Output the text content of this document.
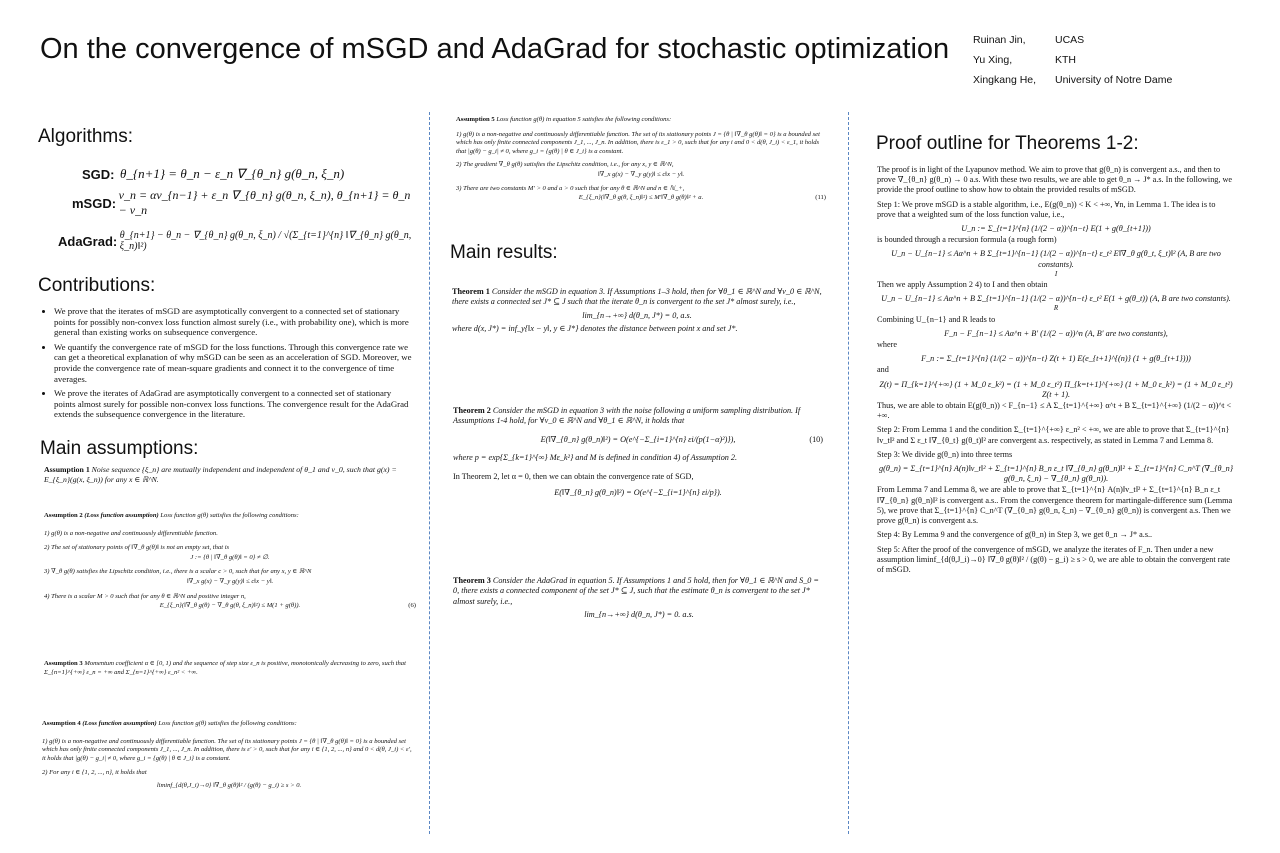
On the convergence of mSGD and AdaGrad for stochastic optimization Ruinan Jin,	UCAS
Yu Xing,	KTH
Xingkang He,	University of Notre Dame
Algorithms:
SGD: θ_{n+1} = θ_n − ε_n ∇_{θ_n} g(θ_n, ξ_n)
mSGD:
v_n = αv_{n−1} + ε_n ∇_{θ_n} g(θ_n, ξ_n), θ_{n+1} = θ_n − v_n
AdaGrad: θ_{n+1} − θ_n − ∇_{θ_n} g(θ_n, ξ_n) / √(Σ_{t=1}^{n} ‖∇_{θ_n} g(θ_n, ξ_n)‖²)
Contributions:
• We prove that the iterates of mSGD are asymptotically convergent to a connected set of stationary points for possibly non-convex loss function almost surely (i.e., with probability one), which is more general than existing works on subsequence convergence.
• We quantify the convergence rate of mSGD for the loss functions. Through this convergence rate we can get a theoretical explanation of why mSGD can be seen as an acceleration of SGD. Moreover, we provide the convergence rate of mean-square gradients and connect it to the convergence of time averages.
• We prove the iterates of AdaGrad are asymptotically convergent to a connected set of stationary points almost surely for possible non-convex loss functions. The convergence result for the AdaGrad extends the subsequence convergence in the literature.
Main assumptions:
Assumption 1 Noise sequence {ξ_n} are mutually independent and independent of θ_1 and v_0, such that g(x) = E_{ξ_n}(g(x, ξ_n)) for any x ∈ ℝ^N.
Assumption 2 (Loss function assumption) Loss function g(θ) satisfies the following conditions:
1) g(θ) is a non-negative and continuously differentiable function.
2) The set of stationary points of ‖∇_θ g(θ)‖ is not an empty set, that is
J := {θ | ‖∇_θ g(θ)‖ = 0} ≠ ∅.
3) ∇_θ g(θ) satisfies the Lipschitz condition, i.e., there is a scalar c > 0, such that for any x, y ∈ ℝ^N
‖∇_x g(x) − ∇_y g(y)‖ ≤ c‖x − y‖.
4) There is a scalar M > 0 such that for any θ ∈ ℝ^N and positive integer n,
E_{ξ_n}(‖∇_θ g(θ) − ∇_θ g(θ, ξ_n)‖²) ≤ M(1 + g(θ)).	(6)
Assumption 3 Momentum coefficient α ∈ [0, 1) and the sequence of step size ε_n is positive, monotonically decreasing to zero, such that Σ_{n=1}^{+∞} ε_n = +∞ and Σ_{n=1}^{+∞} ε_n² < +∞.
Assumption 4 (Loss function assumption) Loss function g(θ) satisfies the following conditions:
1) g(θ) is a non-negative and continuously differentiable function. The set of its stationary points J = {θ | ‖∇_θ g(θ)‖ = 0} is a bounded set which has only finite connected components J_1, ..., J_n. In addition, there is ε′ > 0, such that for any i ∈ {1, 2, ..., n} and 0 < d(θ, J_i) < ε′, it holds that |g(θ) − g_i| ≠ 0, where g_i = {g(θ) | θ ∈ J_i} is a constant.
2) For any i ∈ {1, 2, ..., n}, it holds that
liminf_{d(θ,J_i)→0} ‖∇_θ g(θ)‖² / (g(θ) − g_i) ≥ s > 0.
Assumption 5 Loss function g(θ) in equation 5 satisfies the following conditions:
1) g(θ) is a non-negative and continuously differentiable function. The set of its stationary points J = {θ | ‖∇_θ g(θ)‖ = 0} is a bounded set which has only finite connected components J_1, ..., J_n. In addition, there is ε_1 > 0, such that for any i and 0 < d(θ, J_i) < ε_1, it holds that |g(θ) − g_i| ≠ 0, where g_i = {g(θ) | θ ∈ J_i} is a constant.
2) The gradient ∇_θ g(θ) satisfies the Lipschitz condition, i.e., for any x, y ∈ ℝ^N,
‖∇_x g(x) − ∇_y g(y)‖ ≤ c‖x − y‖.
3) There are two constants M′ > 0 and a > 0 such that for any θ ∈ ℝ^N and n ∈ ℕ_+,
E_{ξ_n}(‖∇_θ g(θ, ξ_n)‖²) ≤ M′‖∇_θ g(θ)‖² + a.	(11)
Main results:
Theorem 1 Consider the mSGD in equation 3. If Assumptions 1–3 hold, then for ∀θ_1 ∈ ℝ^N and ∀v_0 ∈ ℝ^N, there exists a connected set J* ⊆ J such that the iterate θ_n is convergent to the set J* almost surely, i.e.,
lim_{n→+∞} d(θ_n, J*) = 0, a.s.
where d(x, J*) = inf_y{‖x − y‖, y ∈ J*} denotes the distance between point x and set J*.
Theorem 2 Consider the mSGD in equation 3 with the noise following a uniform sampling distribution. If Assumptions 1-4 hold, for ∀v_0 ∈ ℝ^N and ∀θ_1 ∈ ℝ^N, it holds that
E(‖∇_{θ_n} g(θ_n)‖²) = O(e^{−Σ_{i=1}^{n} εi/(p(1−α)²)}),	(10)
where p = exp{Σ_{k=1}^{∞} Mε_k²} and M is defined in condition 4) of Assumption 2.
In Theorem 2, let α = 0, then we can obtain the convergence rate of SGD,
E(‖∇_{θ_n} g(θ_n)‖²) = O(e^{−Σ_{i=1}^{n} εi/p}).
Theorem 3 Consider the AdaGrad in equation 5. If Assumptions 1 and 5 hold, then for ∀θ_1 ∈ ℝ^N and S_0 = 0, there exists a connected component of the set J* ⊆ J, such that the estimate θ_n is convergent to the set J* almost surely, i.e.,
lim_{n→+∞} d(θ_n, J*) = 0. a.s.
Proof outline for Theorems 1-2:

The proof is in light of the Lyapunov method. We aim to prove that g(θ_n) is convergent a.s., and then to prove ∇_{θ_n} g(θ_n) → 0 a.s. With these two results, we are able to get θ_n → J* a.s. In the following, we provide the proof outline to show how to obtain the provided results of mSGD.

Step 1: We prove mSGD is a stable algorithm, i.e., E(g(θ_n)) < K < +∞, ∀n, in Lemma 1. The idea is to prove that a weighted sum of the loss function value, i.e.,

U_n := Σ_{t=1}^{n} (1/(2 − α))^{n−t} E(1 + g(θ_{t+1}))

is bounded through a recursion formula (a rough form)

U_n − U_{n−1} ≤ Aα^n + B Σ_{t=1}^{n−1} (1/(2 − α))^{n−t} ε_t² E‖∇_θ g(θ_t, ξ_t)‖² (A, B are two constants).
I

Then we apply Assumption 2 4) to I and then obtain

U_n − U_{n−1} ≤ Aα^n + B Σ_{t=1}^{n−1} (1/(2 − α))^{n−t} ε_t² E(1 + g(θ_t)) (A, B are two constants).
R

Combining U_{n−1} and R leads to

F_n − F_{n−1} ≤ Aα^n + B′ (1/(2 − α))^n (A, B′ are two constants),

where

F_n := Σ_{t=1}^{n} (1/(2 − α))^{n−t} Z(t + 1) E(e_{t+1}^{(n)} (1 + g(θ_{t+1})))

and

Z(t) = Π_{k=1}^{+∞} (1 + M_0 ε_k²) = (1 + M_0 ε_t²) Π_{k=t+1}^{+∞} (1 + M_0 ε_k²) = (1 + M_0 ε_t²) Z(t + 1).

Thus, we are able to obtain E(g(θ_n)) < F_{n−1} ≤ A Σ_{t=1}^{+∞} α^t + B Σ_{t=1}^{+∞} (1/(2 − α))^t < +∞.

Step 2: From Lemma 1 and the condition Σ_{t=1}^{+∞} ε_n² < +∞, we are able to prove that Σ_{t=1}^{n} ‖v_t‖² and Σ ε_t ‖∇_{θ_t} g(θ_t)‖² are convergent a.s. respectively, as stated in Lemma 7 and Lemma 8.

Step 3: We divide g(θ_n) into three terms

g(θ_n) = Σ_{t=1}^{n} A(n)‖v_t‖² + Σ_{t=1}^{n} B_n ε_t ‖∇_{θ_n} g(θ_n)‖² + Σ_{t=1}^{n} C_n^T (∇_{θ_n} g(θ_n, ξ_n) − ∇_{θ_n} g(θ_n)).

From Lemma 7 and Lemma 8, we are able to prove that Σ_{t=1}^{n} A(n)‖v_t‖² + Σ_{t=1}^{n} B_n ε_t ‖∇_{θ_n} g(θ_n)‖² is convergent a.s.. From the convergence theorem for martingale-difference sum (Lemma 5), we prove that Σ_{t=1}^{n} C_n^T (∇_{θ_n} g(θ_n, ξ_n) − ∇_{θ_n} g(θ_n)) is convergent a.s. Then we prove g(θ_n) is convergent a.s.

Step 4: By Lemma 9 and the convergence of g(θ_n) in Step 3, we get θ_n → J* a.s..

Step 5: After the proof of the convergence of mSGD, we analyze the iterates of F_n. Then under a new assumption liminf_{d(θ,J_i)→0} ‖∇_θ g(θ)‖² / (g(θ) − g_i) ≥ s > 0, we are able to obtain the convergent rate of mSGD.
